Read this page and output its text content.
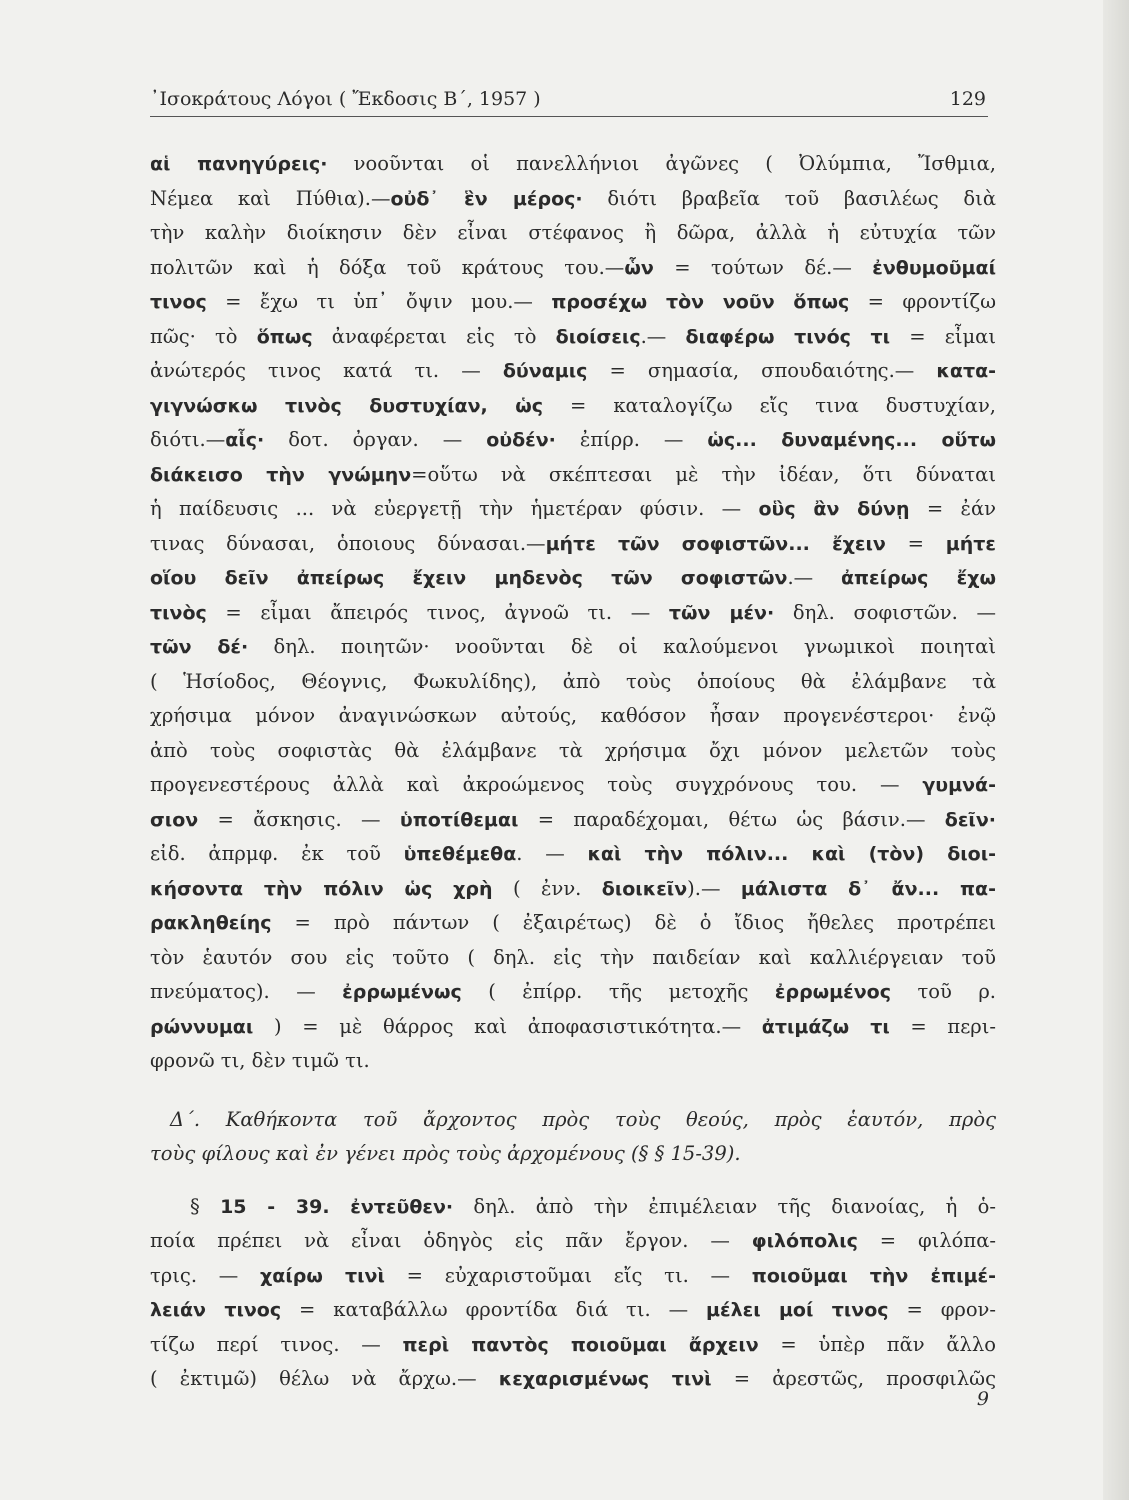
᾿Ισοκράτους Λόγοι ( Ἔκδοσις Β΄, 1957 )	129
αἱ πανηγύρεις· νοοῦνται οἱ πανελλήνιοι ἀγῶνες ( Ὀλύμπια, Ἴσθμια,
Νέμεα καὶ Πύθια).—οὐδ᾿ ἓν μέρος· διότι βραβεῖα τοῦ βασιλέως διὰ
τὴν καλὴν διοίκησιν δὲν εἶναι στέφανος ἢ δῶρα, ἀλλὰ ἡ εὐτυχία τῶν
πολιτῶν καὶ ἡ δόξα τοῦ κράτους του.—ὧν = τούτων δέ.— ἐνθυμοῦμαί
τινος = ἔχω τι ὑπ᾿ ὄψιν μου.— προσέχω τὸν νοῦν ὅπως = φροντίζω
πῶς· τὸ ὅπως ἀναφέρεται εἰς τὸ διοίσεις.— διαφέρω τινός τι = εἶμαι
ἀνώτερός τινος κατά τι. — δύναμις = σημασία, σπουδαιότης.— κατα-
γιγνώσκω τινὸς δυστυχίαν, ὡς = καταλογίζω εἴς τινα δυστυχίαν,
διότι.—αἷς· δοτ. ὀργαν. — οὐδέν· ἐπίρρ. — ὡς... δυναμένης... οὕτω
διάκεισο τὴν γνώμην=οὕτω νὰ σκέπτεσαι μὲ τὴν ἰδέαν, ὅτι δύναται
ἡ παίδευσις ... νὰ εὐεργετῇ τὴν ἡμετέραν φύσιν. — οὓς ἂν δύνῃ = ἐάν
τινας δύνασαι, ὁποιους δύνασαι.—μήτε τῶν σοφιστῶν... ἔχειν = μήτε
οἵου δεῖν ἀπείρως ἔχειν μηδενὸς τῶν σοφιστῶν.— ἀπείρως ἔχω
τινὸς = εἶμαι ἄπειρός τινος, ἀγνοῶ τι. — τῶν μέν· δηλ. σοφιστῶν. —
τῶν δέ· δηλ. ποιητῶν· νοοῦνται δὲ οἱ καλούμενοι γνωμικοὶ ποιηταὶ
( Ἡσίοδος, Θέογνις, Φωκυλίδης), ἀπὸ τοὺς ὁποίους θὰ ἐλάμβανε τὰ
χρήσιμα μόνον ἀναγινώσκων αὐτούς, καθόσον ἦσαν προγενέστεροι· ἐνῷ
ἀπὸ τοὺς σοφιστὰς θὰ ἐλάμβανε τὰ χρήσιμα ὄχι μόνον μελετῶν τοὺς
προγενεστέρους ἀλλὰ καὶ ἀκροώμενος τοὺς συγχρόνους του. — γυμνά-
σιον = ἄσκησις. — ὑποτίθεμαι = παραδέχομαι, θέτω ὡς βάσιν.— δεῖν·
εἰδ. ἀπρμφ. ἐκ τοῦ ὑπεθέμεθα. — καὶ τὴν πόλιν... καὶ (τὸν) διοι-
κήσοντα τὴν πόλιν ὡς χρὴ ( ἐνν. διοικεῖν).— μάλιστα δ᾿ ἄν... πα-
ρακληθείης = πρὸ πάντων ( ἐξαιρέτως) δὲ ὁ ἴδιος ἤθελες προτρέπει
τὸν ἑαυτόν σου εἰς τοῦτο ( δηλ. εἰς τὴν παιδείαν καὶ καλλιέργειαν τοῦ
πνεύματος). — ἐρρωμένως ( ἐπίρρ. τῆς μετοχῆς ἐρρωμένος τοῦ ρ.
ρώννυμαι ) = μὲ θάρρος καὶ ἀποφασιστικότητα.— ἀτιμάζω τι = περι-
φρονῶ τι, δὲν τιμῶ τι.
Δ΄. Καθήκοντα τοῦ ἄρχοντος πρὸς τοὺς θεούς, πρὸς ἑαυτόν, πρὸς
τοὺς φίλους καὶ ἐν γένει πρὸς τοὺς ἀρχομένους (§ § 15-39).
§ 15 - 39. ἐντεῦθεν· δηλ. ἀπὸ τὴν ἐπιμέλειαν τῆς διανοίας, ἡ ὁ-
ποία πρέπει νὰ εἶναι ὁδηγὸς εἰς πᾶν ἔργον. — φιλόπολις = φιλόπα-
τρις. — χαίρω τινὶ = εὐχαριστοῦμαι εἴς τι. — ποιοῦμαι τὴν ἐπιμέ-
λειάν τινος = καταβάλλω φροντίδα διά τι. — μέλει μοί τινος = φρον-
τίζω περί τινος. — περὶ παντὸς ποιοῦμαι ἄρχειν = ὑπὲρ πᾶν ἄλλο
( ἐκτιμῶ) θέλω νὰ ἄρχω.— κεχαρισμένως τινὶ = ἀρεστῶς, προσφιλῶς
9
